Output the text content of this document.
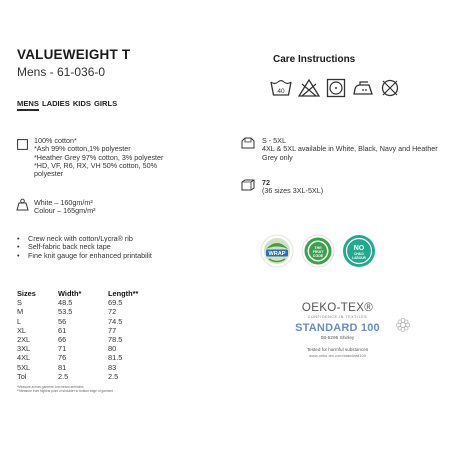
VALUEWEIGHT T
Mens - 61-036-0
MENS LADIES KIDS GIRLS
Care Instructions
40
100% cotton*
*Ash 99% cotton,1% polyester
*Heather Grey 97% cotton, 3% polyester
*HD, VF, R6, RX, VH 50% cotton, 50%
polyester
White – 160gm/m²
Colour – 165gm/m²
• Crew neck with cotton/Lycra® rib
• Self-fabric back neck tape
• Fine knit gauge for enhanced printabilit
S - 5XL
4XL & 5XL available in White, Black, Navy and Heather Grey only
72
(36 sizes 3XL-5XL)
Sizes	Width*	Length**
S	48.5	69.5
M	53.5	72
L	56	74.5
XL	61	77
2XL	66	78.5
3XL	71	80
4XL	76	81.5
5XL	81	83
Tol	2.5	2.5
*Measure across garment 1cm below armholes
**Measure from highest point of shoulder to bottom edge of garment
WRAP
THE
FRUIT
CODE
NO
CHILD
LABOUR
OEKO-TEX®
CONFIDENCE IN TEXTILES
STANDARD 100
08-5295 Shirley
Tested for harmful substances
www.oeko-tex.com/standard100
